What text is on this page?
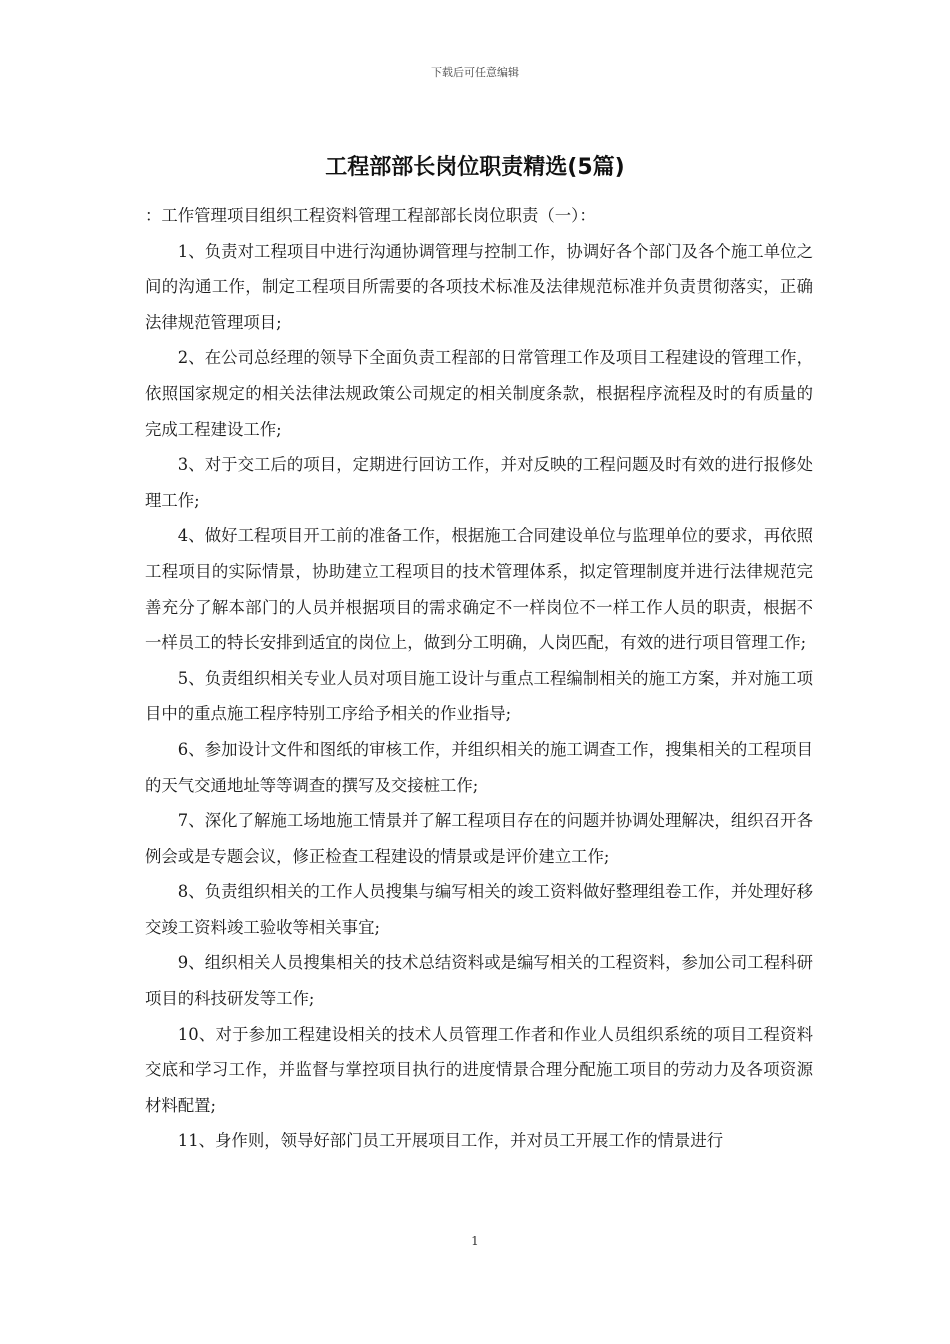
下载后可任意编辑
工程部部长岗位职责精选(5篇)

：工作管理项目组织工程资料管理工程部部长岗位职责（一）：

1、负责对工程项目中进行沟通协调管理与控制工作，协调好各个部门及各个施工单位之间的沟通工作，制定工程项目所需要的各项技术标准及法律规范标准并负责贯彻落实，正确法律规范管理项目;

2、在公司总经理的领导下全面负责工程部的日常管理工作及项目工程建设的管理工作，依照国家规定的相关法律法规政策公司规定的相关制度条款，根据程序流程及时的有质量的完成工程建设工作;

3、对于交工后的项目，定期进行回访工作，并对反映的工程问题及时有效的进行报修处理工作;

4、做好工程项目开工前的准备工作，根据施工合同建设单位与监理单位的要求，再依照工程项目的实际情景，协助建立工程项目的技术管理体系，拟定管理制度并进行法律规范完善充分了解本部门的人员并根据项目的需求确定不一样岗位不一样工作人员的职责，根据不一样员工的特长安排到适宜的岗位上，做到分工明确，人岗匹配，有效的进行项目管理工作;

5、负责组织相关专业人员对项目施工设计与重点工程编制相关的施工方案，并对施工项目中的重点施工程序特别工序给予相关的作业指导;

6、参加设计文件和图纸的审核工作，并组织相关的施工调查工作，搜集相关的工程项目的天气交通地址等等调查的撰写及交接桩工作;

7、深化了解施工场地施工情景并了解工程项目存在的问题并协调处理解决，组织召开各例会或是专题会议，修正检查工程建设的情景或是评价建立工作;

8、负责组织相关的工作人员搜集与编写相关的竣工资料做好整理组卷工作，并处理好移交竣工资料竣工验收等相关事宜;

9、组织相关人员搜集相关的技术总结资料或是编写相关的工程资料，参加公司工程科研项目的科技研发等工作;

10、对于参加工程建设相关的技术人员管理工作者和作业人员组织系统的项目工程资料交底和学习工作，并监督与掌控项目执行的进度情景合理分配施工项目的劳动力及各项资源材料配置;

11、身作则，领导好部门员工开展项目工作，并对员工开展工作的情景进行

1
